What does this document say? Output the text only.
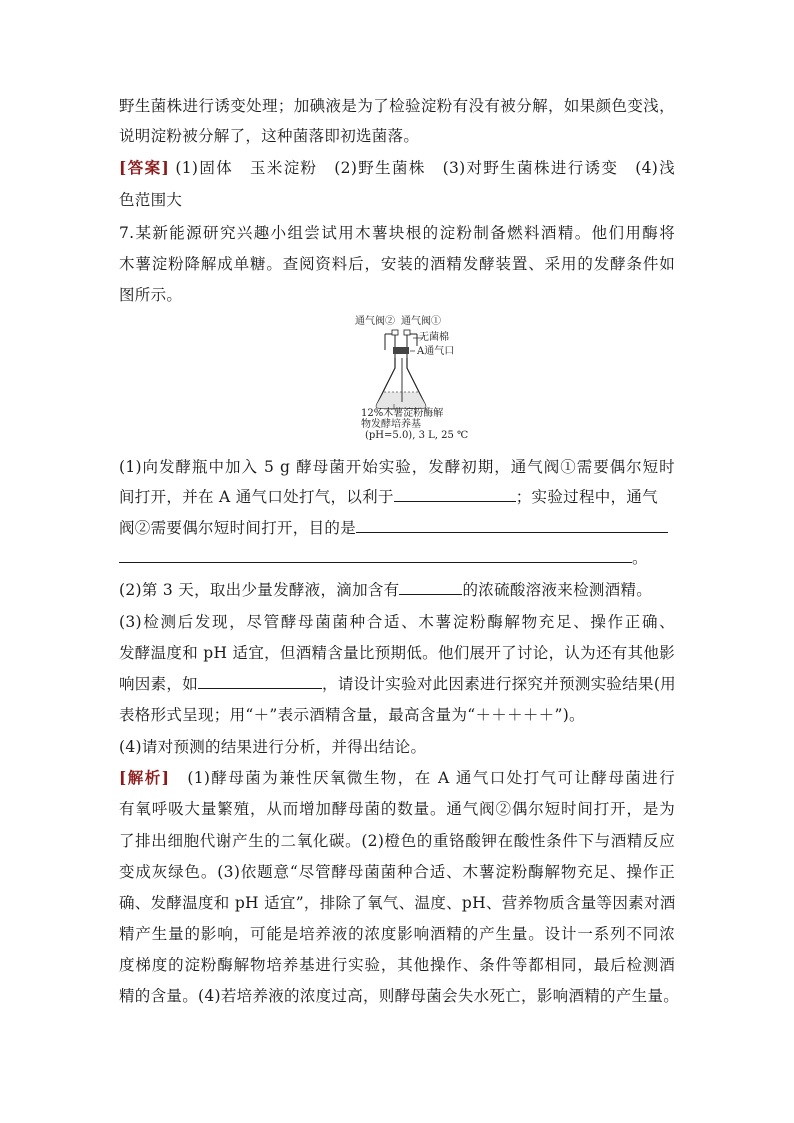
野生菌株进行诱变处理；加碘液是为了检验淀粉有没有被分解，如果颜色变浅，
说明淀粉被分解了，这种菌落即初选菌落。
[答案] (1)固体　玉米淀粉　(2)野生菌株　(3)对野生菌株进行诱变　(4)浅
色范围大
7.某新能源研究兴趣小组尝试用木薯块根的淀粉制备燃料酒精。他们用酶将
木薯淀粉降解成单糖。查阅资料后，安装的酒精发酵装置、采用的发酵条件如
图所示。
通气阀② 通气阀①
无菌棉
A通气口
12%木薯淀粉酶解
物发酵培养基
(pH=5.0), 3 L, 25 ℃
(1)向发酵瓶中加入 5 g 酵母菌开始实验，发酵初期，通气阀①需要偶尔短时
间打开，并在 A 通气口处打气，以利于	；实验过程中，通气
阀②需要偶尔短时间打开，目的是
。
(2)第 3 天，取出少量发酵液，滴加含有	的浓硫酸溶液来检测酒精。
(3)检测后发现，尽管酵母菌菌种合适、木薯淀粉酶解物充足、操作正确、
发酵温度和 pH 适宜，但酒精含量比预期低。他们展开了讨论，认为还有其他影
响因素，如	，请设计实验对此因素进行探究并预测实验结果(用
表格形式呈现；用“＋”表示酒精含量，最高含量为“＋＋＋＋＋”)。
(4)请对预测的结果进行分析，并得出结论。
[解析]　(1)酵母菌为兼性厌氧微生物，在 A 通气口处打气可让酵母菌进行
有氧呼吸大量繁殖，从而增加酵母菌的数量。通气阀②偶尔短时间打开，是为
了排出细胞代谢产生的二氧化碳。(2)橙色的重铬酸钾在酸性条件下与酒精反应
变成灰绿色。(3)依题意“尽管酵母菌菌种合适、木薯淀粉酶解物充足、操作正
确、发酵温度和 pH 适宜”，排除了氧气、温度、pH、营养物质含量等因素对酒
精产生量的影响，可能是培养液的浓度影响酒精的产生量。设计一系列不同浓
度梯度的淀粉酶解物培养基进行实验，其他操作、条件等都相同，最后检测酒
精的含量。(4)若培养液的浓度过高，则酵母菌会失水死亡，影响酒精的产生量。
